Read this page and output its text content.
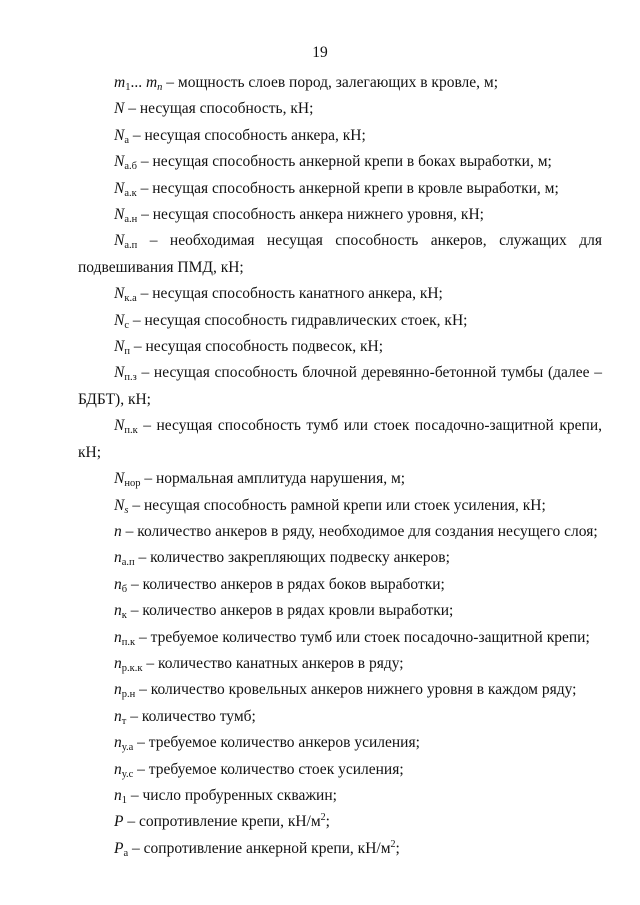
19

$m_1$... $m_n$ – мощность слоев пород, залегающих в кровле, м;

N – несущая способность, кН;

$N_а$ – несущая способность анкера, кН;

$N_{а.б}$ – несущая способность анкерной крепи в боках выработки, м;

$N_{а.к}$ – несущая способность анкерной крепи в кровле выработки, м;

$N_{а.н}$ – несущая способность анкера нижнего уровня, кН;

$N_{а.п}$ – необходимая несущая способность анкеров, служащих для подвешивания ПМД, кН;

$N_{к.а}$ – несущая способность канатного анкера, кН;

$N_с$ – несущая способность гидравлических стоек, кН;

$N_п$ – несущая способность подвесок, кН;

$N_{п.з}$ – несущая способность блочной деревянно-бетонной тумбы (далее – БДБТ), кН;

$N_{п.к}$ – несущая способность тумб или стоек посадочно-защитной крепи, кН;

$N_{нор}$ – нормальная амплитуда нарушения, м;

$N_s$ – несущая способность рамной крепи или стоек усиления, кН;

n – количество анкеров в ряду, необходимое для создания несущего слоя;

$n_{а.п}$ – количество закрепляющих подвеску анкеров;

$n_б$ – количество анкеров в рядах боков выработки;

$n_к$ – количество анкеров в рядах кровли выработки;

$n_{п.к}$ – требуемое количество тумб или стоек посадочно-защитной крепи;

$n_{р.к.к}$ – количество канатных анкеров в ряду;

$n_{р.н}$ – количество кровельных анкеров нижнего уровня в каждом ряду;

$n_т$ – количество тумб;

$n_{у.а}$ – требуемое количество анкеров усиления;

$n_{у.с}$ – требуемое количество стоек усиления;

$n_1$ – число пробуренных скважин;

P – сопротивление крепи, $кН/м^2$;

$P_а$ – сопротивление анкерной крепи, $кН/м^2$;
